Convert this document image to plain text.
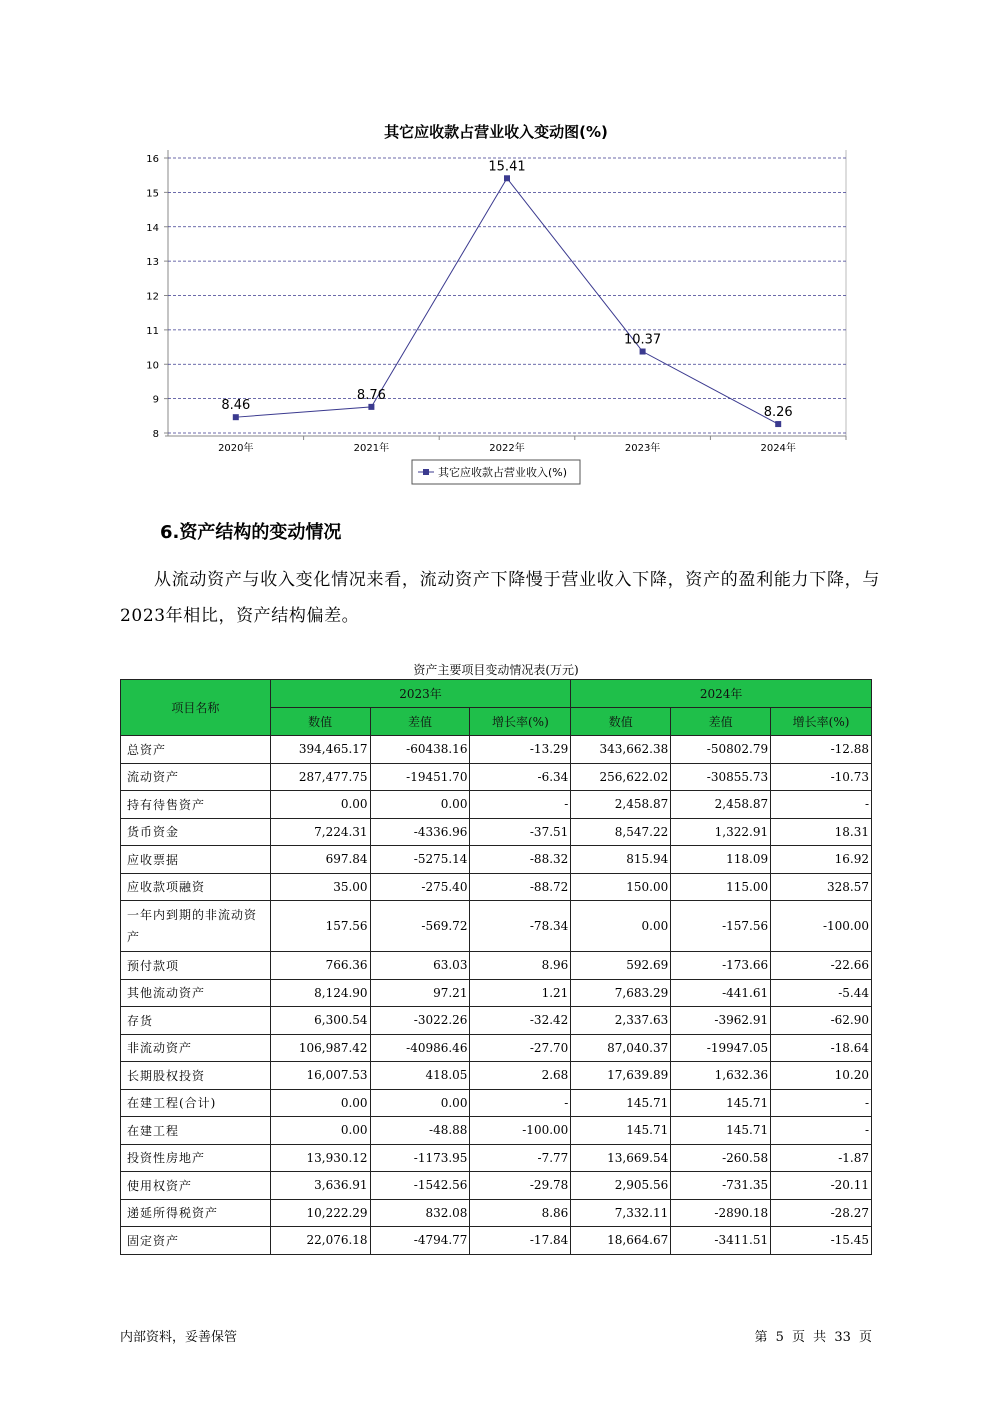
其它应收款占营业收入变动图(%)
8
9
10
11
12
13
14
15
16
2020年	2021年	2022年	2023年	2024年
8.46
8.76
15.41
10.37
8.26
其它应收款占营业收入(%)
6.资产结构的变动情况
从流动资产与收入变化情况来看，流动资产下降慢于营业收入下降，资产的盈利能力下降，与2023年相比，资产结构偏差。
资产主要项目变动情况表(万元)
项目名称	2023年			2024年		
	数值	差值	增长率(%)	数值	差值	增长率(%)
总资产	394,465.17	-60438.16	-13.29	343,662.38	-50802.79	-12.88
流动资产	287,477.75	-19451.70	-6.34	256,622.02	-30855.73	-10.73
持有待售资产	0.00	0.00	-	2,458.87	2,458.87	-
货币资金	7,224.31	-4336.96	-37.51	8,547.22	1,322.91	18.31
应收票据	697.84	-5275.14	-88.32	815.94	118.09	16.92
应收款项融资	35.00	-275.40	-88.72	150.00	115.00	328.57
一年内到期的非流动资产	157.56	-569.72	-78.34	0.00	-157.56	-100.00
预付款项	766.36	63.03	8.96	592.69	-173.66	-22.66
其他流动资产	8,124.90	97.21	1.21	7,683.29	-441.61	-5.44
存货	6,300.54	-3022.26	-32.42	2,337.63	-3962.91	-62.90
非流动资产	106,987.42	-40986.46	-27.70	87,040.37	-19947.05	-18.64
长期股权投资	16,007.53	418.05	2.68	17,639.89	1,632.36	10.20
在建工程(合计)	0.00	0.00	-	145.71	145.71	-
在建工程	0.00	-48.88	-100.00	145.71	145.71	-
投资性房地产	13,930.12	-1173.95	-7.77	13,669.54	-260.58	-1.87
使用权资产	3,636.91	-1542.56	-29.78	2,905.56	-731.35	-20.11
递延所得税资产	10,222.29	832.08	8.86	7,332.11	-2890.18	-28.27
固定资产	22,076.18	-4794.77	-17.84	18,664.67	-3411.51	-15.45
内部资料，妥善保管	第 5 页 共 33 页
